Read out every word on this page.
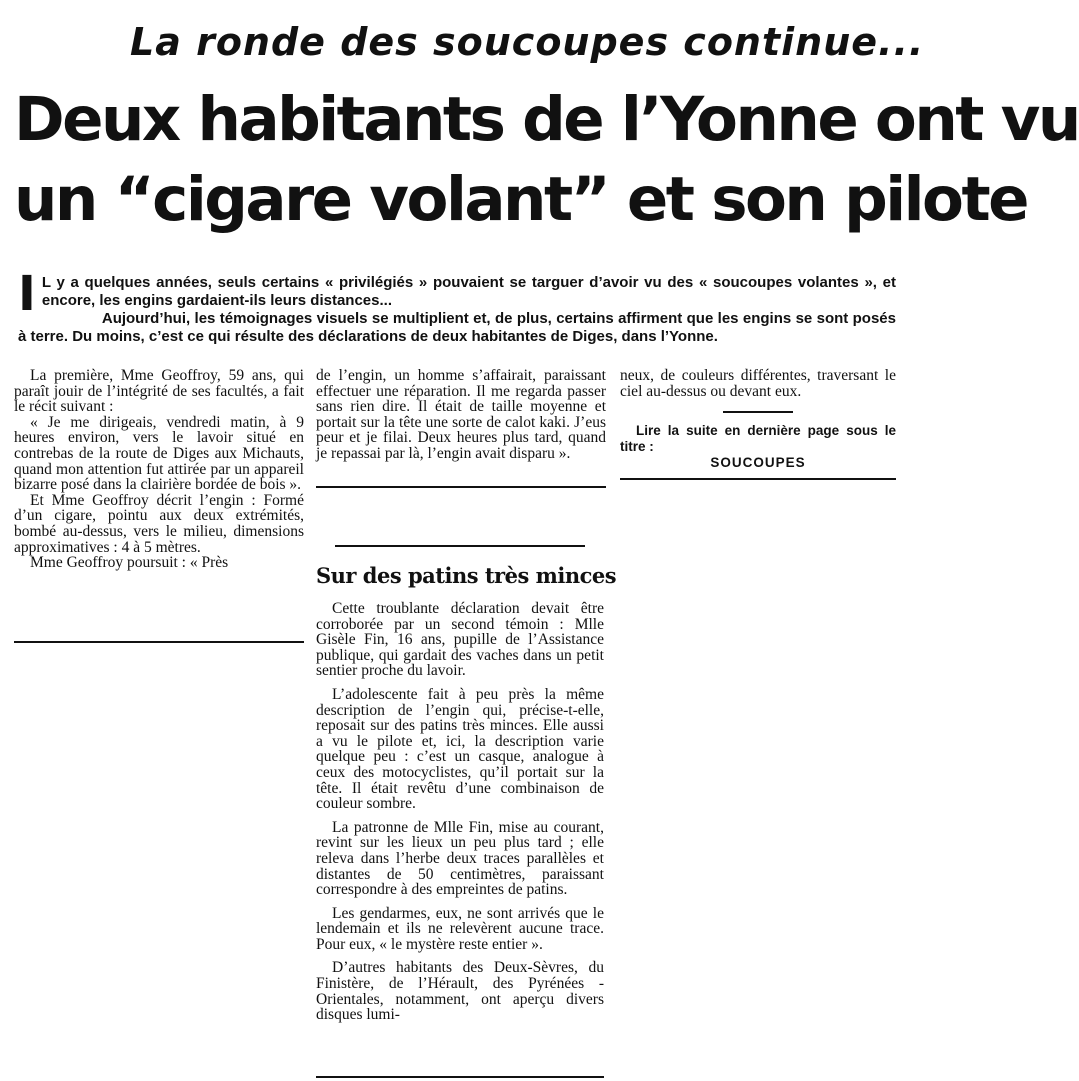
La ronde des soucoupes continue...
Deux habitants de l’Yonne ont vu
un “cigare volant” et son pilote
I L y a quelques années, seuls certains « privilégiés » pouvaient se targuer d’avoir vu des « soucoupes volantes », et encore, les engins gardaient-ils leurs distances...

Aujourd’hui, les témoignages visuels se multiplient et, de plus, certains affirment que les engins se sont posés à terre. Du moins, c’est ce qui résulte des déclarations de deux habitantes de Diges, dans l’Yonne.

La première, Mme Geoffroy, 59 ans, qui paraît jouir de l’intégrité de ses facultés, a fait le récit suivant :

« Je me dirigeais, vendredi matin, à 9 heures environ, vers le lavoir situé en contrebas de la route de Diges aux Michauts, quand mon attention fut attirée par un appareil bizarre posé dans la clairière bordée de bois ».

Et Mme Geoffroy décrit l’engin : Formé d’un cigare, pointu aux deux extrémités, bombé au-dessus, vers le milieu, dimensions approximatives : 4 à 5 mètres.

Mme Geoffroy poursuit : « Près

de l’engin, un homme s’affairait, paraissant effectuer une réparation. Il me regarda passer sans rien dire. Il était de taille moyenne et portait sur la tête une sorte de calot kaki. J’eus peur et je filai. Deux heures plus tard, quand je repassai par là, l’engin avait disparu ».

neux, de couleurs différentes, traversant le ciel au-dessus ou devant eux.

Lire la suite en dernière page sous le titre :
SOUCOUPES
Sur des patins très minces

Cette troublante déclaration devait être corroborée par un second témoin : Mlle Gisèle Fin, 16 ans, pupille de l’Assistance publique, qui gardait des vaches dans un petit sentier proche du lavoir.

L’adolescente fait à peu près la même description de l’engin qui, précise-t-elle, reposait sur des patins très minces. Elle aussi a vu le pilote et, ici, la description varie quelque peu : c’est un casque, analogue à ceux des motocyclistes, qu’il portait sur la tête. Il était revêtu d’une combinaison de couleur sombre.

La patronne de Mlle Fin, mise au courant, revint sur les lieux un peu plus tard ; elle releva dans l’herbe deux traces parallèles et distantes de 50 centimètres, paraissant correspondre à des empreintes de patins.

Les gendarmes, eux, ne sont arrivés que le lendemain et ils ne relevèrent aucune trace. Pour eux, « le mystère reste entier ».

D’autres habitants des Deux-Sèvres, du Finistère, de l’Hérault, des Pyrénées - Orientales, notamment, ont aperçu divers disques lumi-
